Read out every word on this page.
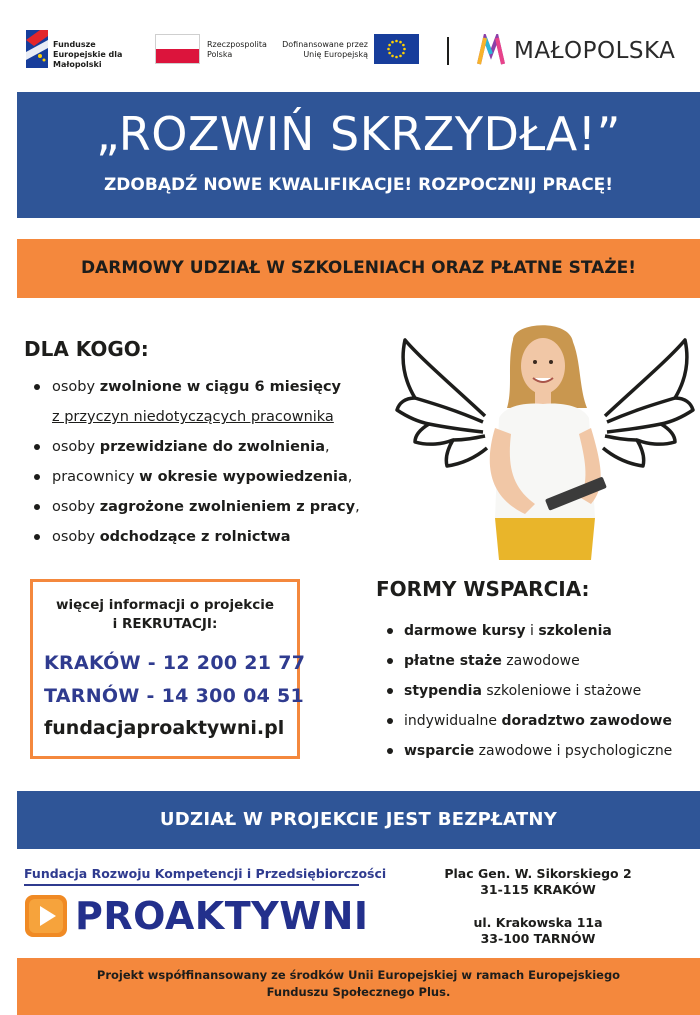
Fundusze Europejskie dla Małopolski
Rzeczpospolita Polska
Dofinansowane przez Unię Europejską	MAŁOPOLSKA
„ROZWIŃ SKRZYDŁA!”
ZDOBĄDŹ NOWE KWALIFIKACJE! ROZPOCZNIJ PRACĘ!
DARMOWY UDZIAŁ W SZKOLENIACH ORAZ PŁATNE STAŻE!
DLA KOGO:
osoby zwolnione w ciągu 6 miesięcy
z przyczyn niedotyczących pracownika
osoby przewidziane do zwolnienia,
pracownicy w okresie wypowiedzenia,
osoby zagrożone zwolnieniem z pracy,
osoby odchodzące z rolnictwa
więcej informacji o projekcie
i REKRUTACJI:
KRAKÓW - 12 200 21 77
TARNÓW - 14 300 04 51
fundacjaproaktywni.pl
FORMY WSPARCIA:
darmowe kursy i szkolenia
płatne staże zawodowe
stypendia szkoleniowe i stażowe
indywidualne doradztwo zawodowe
wsparcie zawodowe i psychologiczne
UDZIAŁ W PROJEKCIE JEST BEZPŁATNY
Fundacja Rozwoju Kompetencji i Przedsiębiorczości
PROAKTYWNI
Plac Gen. W. Sikorskiego 2
31-115 KRAKÓW
ul. Krakowska 11a
33-100 TARNÓW
Projekt współfinansowany ze środków Unii Europejskiej w ramach Europejskiego Funduszu Społecznego Plus.
